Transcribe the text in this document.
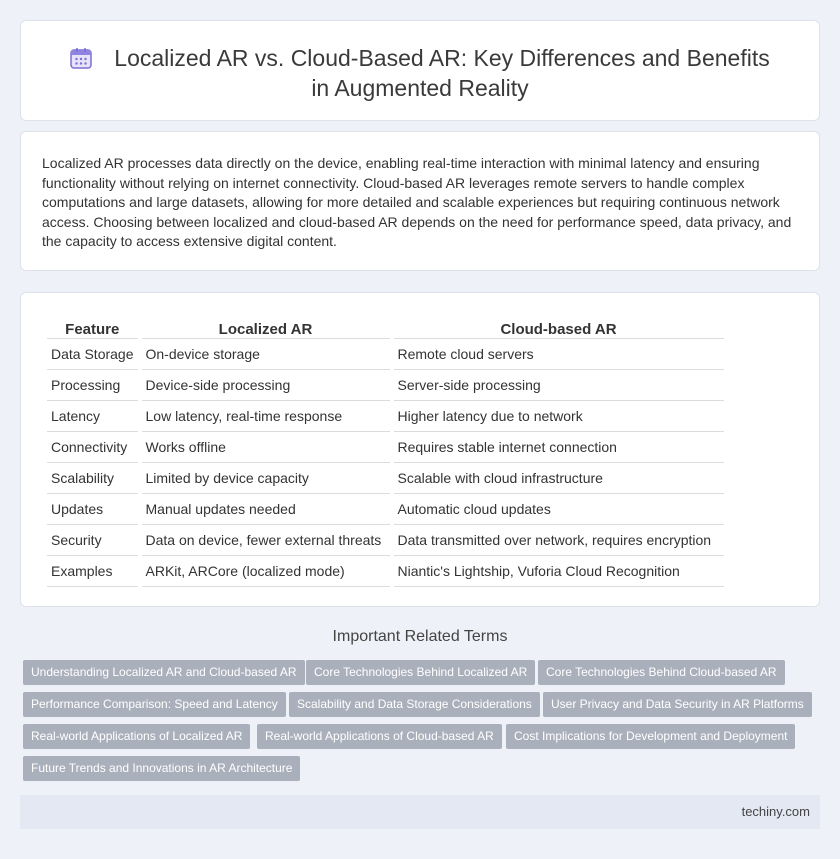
Localized AR vs. Cloud-Based AR: Key Differences and Benefits in Augmented Reality

Localized AR processes data directly on the device, enabling real-time interaction with minimal latency and ensuring functionality without relying on internet connectivity. Cloud-based AR leverages remote servers to handle complex computations and large datasets, allowing for more detailed and scalable experiences but requiring continuous network access. Choosing between localized and cloud-based AR depends on the need for performance speed, data privacy, and the capacity to access extensive digital content.

Feature	Localized AR	Cloud-based AR
Data Storage	On-device storage	Remote cloud servers
Processing	Device-side processing	Server-side processing
Latency	Low latency, real-time response	Higher latency due to network
Connectivity	Works offline	Requires stable internet connection
Scalability	Limited by device capacity	Scalable with cloud infrastructure
Updates	Manual updates needed	Automatic cloud updates
Security	Data on device, fewer external threats	Data transmitted over network, requires encryption
Examples	ARKit, ARCore (localized mode)	Niantic's Lightship, Vuforia Cloud Recognition
Important Related Terms
Understanding Localized AR and Cloud-based AR	Core Technologies Behind Localized AR	Core Technologies Behind Cloud-based AR
Performance Comparison: Speed and Latency	Scalability and Data Storage Considerations	User Privacy and Data Security in AR Platforms
Real-world Applications of Localized AR	Real-world Applications of Cloud-based AR	Cost Implications for Development and Deployment
Future Trends and Innovations in AR Architecture
techiny.com
